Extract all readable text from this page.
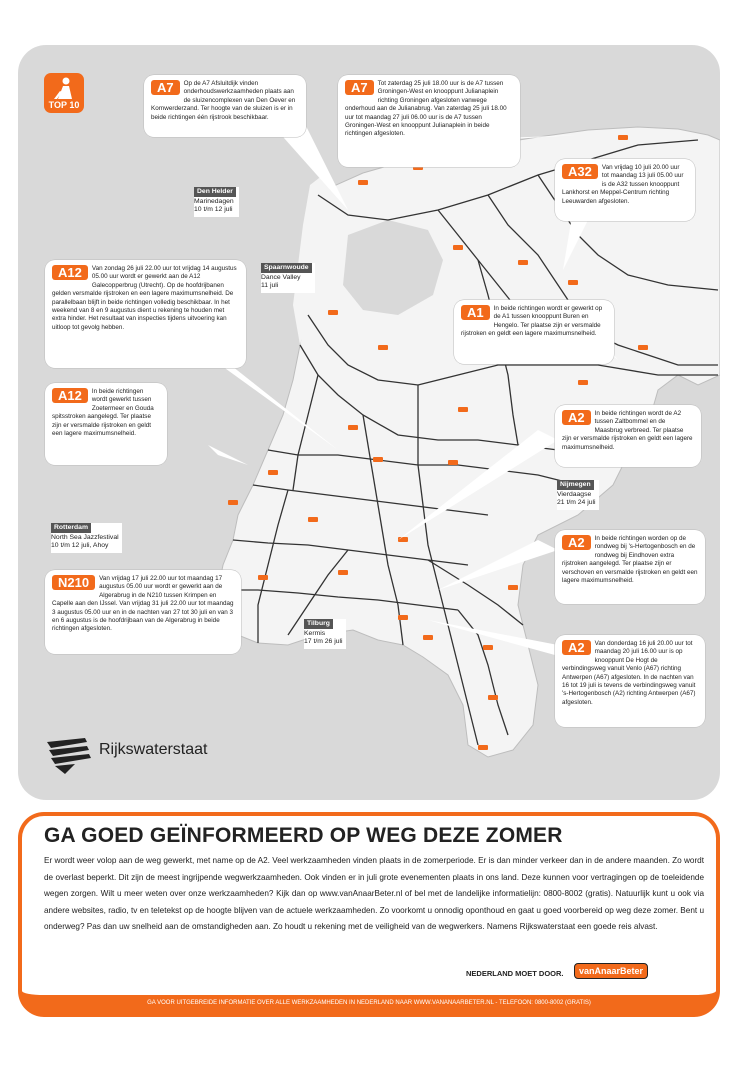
TOP 10
A7	Op de A7 Afsluitdijk vinden onderhoudswerkzaamheden plaats aan de sluizencomplexen van Den Oever en Kornwerderzand. Ter hoogte van de sluizen is er in beide richtingen één rijstrook beschikbaar.
A7	Tot zaterdag 25 juli 18.00 uur is de A7 tussen Groningen-West en knooppunt Julianaplein richting Groningen afgesloten vanwege onderhoud aan de Julianabrug. Van zaterdag 25 juli 18.00 uur tot maandag 27 juli 06.00 uur is de A7 tussen Groningen-West en knooppunt Julianaplein in beide richtingen afgesloten.
A32	Van vrijdag 10 juli 20.00 uur tot maandag 13 juli 05.00 uur is de A32 tussen knooppunt Lankhorst en Meppel-Centrum richting Leeuwarden afgesloten.
A12	Van zondag 26 juli 22.00 uur tot vrijdag 14 augustus 05.00 uur wordt er gewerkt aan de A12 Galecopperbrug (Utrecht). Op de hoofdrijbanen gelden versmalde rijstroken en een lagere maximumsnelheid. De parallelbaan blijft in beide richtingen volledig beschikbaar. In het weekend van 8 en 9 augustus dient u rekening te houden met extra hinder. Het resultaat van inspecties tijdens uitvoering kan uitloop tot gevolg hebben.
A1	In beide richtingen wordt er gewerkt op de A1 tussen knooppunt Buren en Hengelo. Ter plaatse zijn er versmalde rijstroken en geldt een lagere maximumsnelheid.
A12	In beide richtingen wordt gewerkt tussen Zoetermeer en Gouda spitsstroken aangelegd. Ter plaatse zijn er versmalde rijstroken en geldt een lagere maximumsnelheid.
A2	In beide richtingen wordt de A2 tussen Zaltbommel en de Maasbrug verbreed. Ter plaatse zijn er versmalde rijstroken en geldt een lagere maximumsnelheid.
A2	In beide richtingen worden op de rondweg bij 's-Hertogenbosch en de rondweg bij Eindhoven extra rijstroken aangelegd. Ter plaatse zijn er verschoven en versmalde rijstroken en geldt een lagere maximumsnelheid.
N210	Van vrijdag 17 juli 22.00 uur tot maandag 17 augustus 05.00 uur wordt er gewerkt aan de Algerabrug in de N210 tussen Krimpen en Capelle aan den IJssel. Van vrijdag 31 juli 22.00 uur tot maandag 3 augustus 05.00 uur en in de nachten van 27 tot 30 juli en van 3 en 6 augustus is de hoofdrijbaan van de Algerabrug in beide richtingen afgesloten.
A2	Van donderdag 16 juli 20.00 uur tot maandag 20 juli 16.00 uur is op knooppunt De Hogt de verbindingsweg vanuit Venlo (A67) richting Antwerpen (A67) afgesloten. In de nachten van 16 tot 19 juli is tevens de verbindingsweg vanuit 's-Hertogenbosch (A2) richting Antwerpen (A67) afgesloten.
Den Helder
Marinedagen
10 t/m 12 juli
Spaarnwoude
Dance Valley
11 juli
Nijmegen
Vierdaagse
21 t/m 24 juli
Rotterdam
North Sea Jazzfestival
10 t/m 12 juli, Ahoy
Tilburg
Kermis
17 t/m 26 juli
Rijkswaterstaat
GA GOED GEÏNFORMEERD OP WEG DEZE ZOMER
Er wordt weer volop aan de weg gewerkt, met name op de A2. Veel werkzaamheden vinden plaats in de zomerperiode. Er is dan minder verkeer dan in de andere maanden. Zo wordt de overlast beperkt. Dit zijn de meest ingrijpende wegwerkzaamheden. Ook vinden er in juli grote evenementen plaats in ons land. Deze kunnen voor vertragingen op de toeleidende wegen zorgen. Wilt u meer weten over onze werkzaamheden? Kijk dan op www.vanAnaarBeter.nl of bel met de landelijke informatielijn: 0800-8002 (gratis). Natuurlijk kunt u ook via andere websites, radio, tv en teletekst op de hoogte blijven van de actuele werkzaamheden. Zo voorkomt u onnodig oponthoud en gaat u goed voorbereid op weg deze zomer. Bent u onderweg? Pas dan uw snelheid aan de omstandigheden aan. Zo houdt u rekening met de veiligheid van de wegwerkers. Namens Rijkswaterstaat een goede reis alvast.
NEDERLAND MOET DOOR.	vanAnaarBeter
GA VOOR UITGEBREIDE INFORMATIE OVER ALLE WERKZAAMHEDEN IN NEDERLAND NAAR WWW.VANANAARBETER.NL - TELEFOON: 0800-8002 (GRATIS)
